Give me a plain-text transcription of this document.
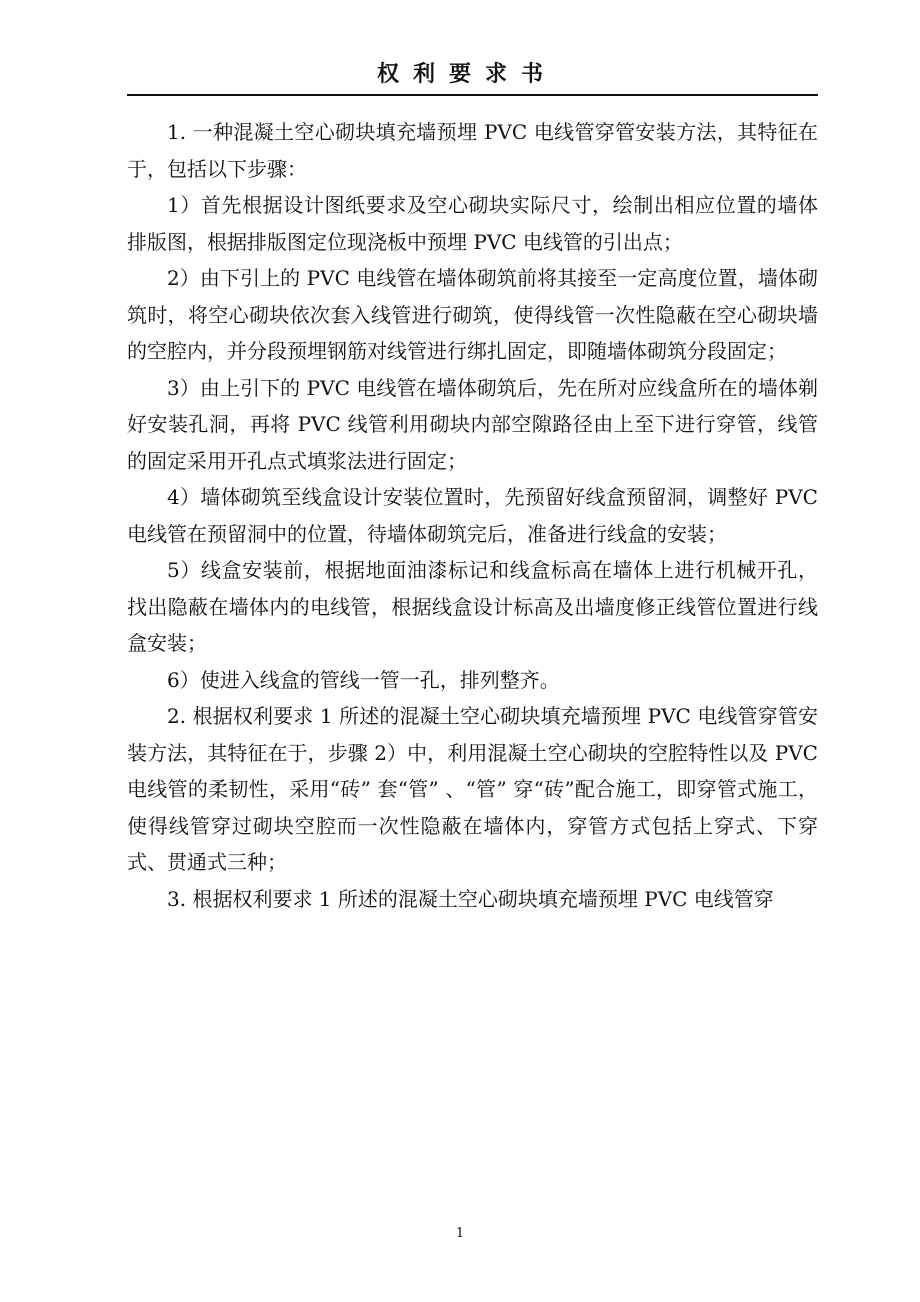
权利要求书

1. 一种混凝土空心砌块填充墙预埋 PVC 电线管穿管安装方法，其特征在于，包括以下步骤：

1）首先根据设计图纸要求及空心砌块实际尺寸，绘制出相应位置的墙体排版图，根据排版图定位现浇板中预埋 PVC 电线管的引出点；

2）由下引上的 PVC 电线管在墙体砌筑前将其接至一定高度位置，墙体砌筑时，将空心砌块依次套入线管进行砌筑，使得线管一次性隐蔽在空心砌块墙的空腔内，并分段预埋钢筋对线管进行绑扎固定，即随墙体砌筑分段固定；

3）由上引下的 PVC 电线管在墙体砌筑后，先在所对应线盒所在的墙体剃好安装孔洞，再将 PVC 线管利用砌块内部空隙路径由上至下进行穿管，线管的固定采用开孔点式填浆法进行固定；

4）墙体砌筑至线盒设计安装位置时，先预留好线盒预留洞，调整好 PVC 电线管在预留洞中的位置，待墙体砌筑完后，准备进行线盒的安装；

5）线盒安装前，根据地面油漆标记和线盒标高在墙体上进行机械开孔，找出隐蔽在墙体内的电线管，根据线盒设计标高及出墙度修正线管位置进行线盒安装；

6）使进入线盒的管线一管一孔，排列整齐。

2. 根据权利要求 1 所述的混凝土空心砌块填充墙预埋 PVC 电线管穿管安装方法，其特征在于，步骤 2）中，利用混凝土空心砌块的空腔特性以及 PVC 电线管的柔韧性，采用“砖” 套“管” 、“管” 穿“砖”配合施工，即穿管式施工，使得线管穿过砌块空腔而一次性隐蔽在墙体内，穿管方式包括上穿式、下穿式、贯通式三种；

3. 根据权利要求 1 所述的混凝土空心砌块填充墙预埋 PVC 电线管穿

1
